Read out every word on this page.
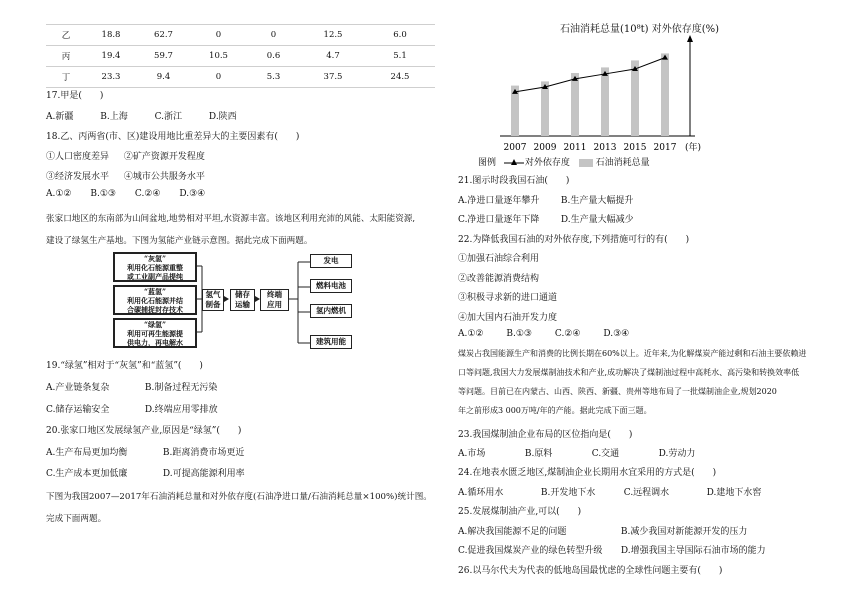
乙	18.8	62.7	0	0	12.5	6.0
丙	19.4	59.7	10.5	0.6	4.7	5.1
丁	23.3	9.4	0	5.3	37.5	24.5
17.甲是(　　)
A.新疆	B.上海	C.浙江	D.陕西
18.乙、丙两省(市、区)建设用地比重差异大的主要因素有(　　)
①人口密度差异 ②矿产资源开发程度
③经济发展水平 ④城市公共服务水平
A.①② B.①③ C.②④ D.③④
张家口地区的东南部为山间盆地,地势相对平坦,水资源丰富。该地区利用充沛的风能、太阳能资源,
建设了绿氢生产基地。下图为氢能产业链示意图。据此完成下面两题。
“灰氢”
利用化石能源重整
或工业副产品提纯
“蓝氢”
利用化石能源并结
合碳捕捉封存技术
“绿氢”
利用可再生能源提
供电力，再电解水
氢气
制备
储存
运输
终端
应用
发电
燃料电池
氢内燃机
建筑用能
19.“绿氢”相对于“灰氢”和“蓝氢”(　　)
A.产业链条复杂	B.制备过程无污染
C.储存运输安全	D.终端应用零排放
20.张家口地区发展绿氢产业,原因是“绿氢”(　　)
A.生产布局更加均衡	B.距离消费市场更近
C.生产成本更加低廉	D.可提高能源利用率
下图为我国2007—2017年石油消耗总量和对外依存度(石油净进口量/石油消耗总量×100%)统计图。
完成下面两题。
石油消耗总量(10⁸t) 对外依存度(%)
2007 2009 2011 2013 2015 2017 (年)
图例	对外依存度	石油消耗总量
21.图示时段我国石油(　　)
A.净进口量逐年攀升 B.生产量大幅提升
C.净进口量逐年下降 D.生产量大幅减少
22.为降低我国石油的对外依存度,下列措施可行的有(　　)
①加强石油综合利用
②改善能源消费结构
③积极寻求新的进口通道
④加大国内石油开发力度
A.①②	B.①③	C.②④	D.③④
煤炭占我国能源生产和消费的比例长期在60%以上。近年来,为化解煤炭产能过剩和石油主要依赖进
口等问题,我国大力发展煤制油技术和产业,成功解决了煤制油过程中高耗水、高污染和转换效率低
等问题。目前已在内蒙古、山西、陕西、新疆、贵州等地布局了一批煤制油企业,规划2020
年之前形成3 000万吨/年的产能。据此完成下面三题。
23.我国煤制油企业布局的区位指向是(　　)
A.市场	B.原料	C.交通	D.劳动力
24.在地表水匮乏地区,煤制油企业长期用水宜采用的方式是(　　)
A.循环用水	B.开发地下水	C.远程调水	D.建地下水窖
25.发展煤制油产业,可以(　　)
A.解决我国能源不足的问题	B.减少我国对新能源开发的压力
C.促进我国煤炭产业的绿色转型升级 D.增强我国主导国际石油市场的能力
26.以马尔代夫为代表的低地岛国最忧虑的全球性问题主要有(　　)
